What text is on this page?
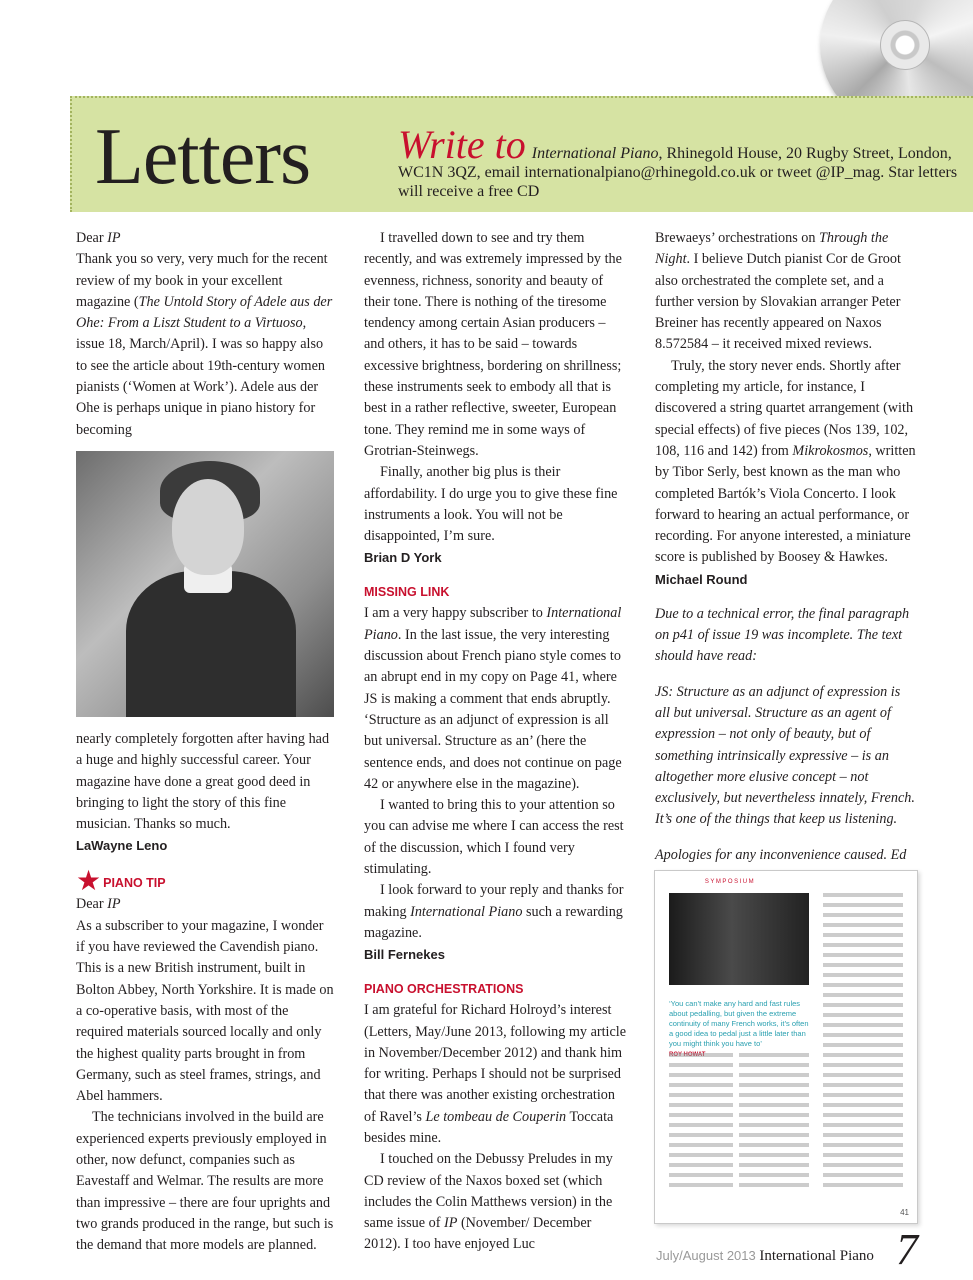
Letters Write to International Piano, Rhinegold House, 20 Rugby Street, London, WC1N 3QZ, email internationalpiano@rhinegold.co.uk or tweet @IP_mag. Star letters will receive a free CD

Dear IP

Thank you so very, very much for the recent review of my book in your excellent magazine (The Untold Story of Adele aus der Ohe: From a Liszt Student to a Virtuoso, issue 18, March/April). I was so happy also to see the article about 19th-century women pianists (‘Women at Work’). Adele aus der Ohe is perhaps unique in piano history for becoming

nearly completely forgotten after having had a huge and highly successful career. Your magazine have done a great good deed in bringing to light the story of this fine musician. Thanks so much.

LaWayne Leno

★ PIANO TIP

Dear IP

As a subscriber to your magazine, I wonder if you have reviewed the Cavendish piano. This is a new British instrument, built in Bolton Abbey, North Yorkshire. It is made on a co-operative basis, with most of the required materials sourced locally and only the highest quality parts brought in from Germany, such as steel frames, strings, and Abel hammers.

The technicians involved in the build are experienced experts previously employed in other, now defunct, companies such as Eavestaff and Welmar. The results are more than impressive – there are four uprights and two grands produced in the range, but such is the demand that more models are planned.

I travelled down to see and try them recently, and was extremely impressed by the evenness, richness, sonority and beauty of their tone. There is nothing of the tiresome tendency among certain Asian producers – and others, it has to be said – towards excessive brightness, bordering on shrillness; these instruments seek to embody all that is best in a rather reflective, sweeter, European tone. They remind me in some ways of Grotrian-Steinwegs.

Finally, another big plus is their affordability. I do urge you to give these fine instruments a look. You will not be disappointed, I’m sure.

Brian D York

MISSING LINK

I am a very happy subscriber to International Piano. In the last issue, the very interesting discussion about French piano style comes to an abrupt end in my copy on Page 41, where JS is making a comment that ends abruptly. ‘Structure as an adjunct of expression is all but universal. Structure as an’ (here the sentence ends, and does not continue on page 42 or anywhere else in the magazine).

I wanted to bring this to your attention so you can advise me where I can access the rest of the discussion, which I found very stimulating.

I look forward to your reply and thanks for making International Piano such a rewarding magazine.

Bill Fernekes

PIANO ORCHESTRATIONS

I am grateful for Richard Holroyd’s interest (Letters, May/June 2013, following my article in November/December 2012) and thank him for writing. Perhaps I should not be surprised that there was another existing orchestration of Ravel’s Le tombeau de Couperin Toccata besides mine.

I touched on the Debussy Preludes in my CD review of the Naxos boxed set (which includes the Colin Matthews version) in the same issue of IP (November/ December 2012). I too have enjoyed Luc

Brewaeys’ orchestrations on Through the Night. I believe Dutch pianist Cor de Groot also orchestrated the complete set, and a further version by Slovakian arranger Peter Breiner has recently appeared on Naxos 8.572584 – it received mixed reviews.

Truly, the story never ends. Shortly after completing my article, for instance, I discovered a string quartet arrangement (with special effects) of five pieces (Nos 139, 102, 108, 116 and 142) from Mikrokosmos, written by Tibor Serly, best known as the man who completed Bartók’s Viola Concerto. I look forward to hearing an actual performance, or recording. For anyone interested, a miniature score is published by Boosey & Hawkes.

Michael Round

Due to a technical error, the final paragraph on p41 of issue 19 was incomplete. The text should have read:

JS: Structure as an adjunct of expression is all but universal. Structure as an agent of expression – not only of beauty, but of something intrinsically expressive – is an altogether more elusive concept – not exclusively, but nevertheless innately, French. It’s one of the things that keep us listening.

Apologies for any inconvenience caused. Ed

SYMPOSIUM
‘You can’t make any hard and fast rules about pedalling, but given the extreme continuity of many French works, it’s often a good idea to pedal just a little later than you might think you have to’

41
July/August 2013 International Piano 7
